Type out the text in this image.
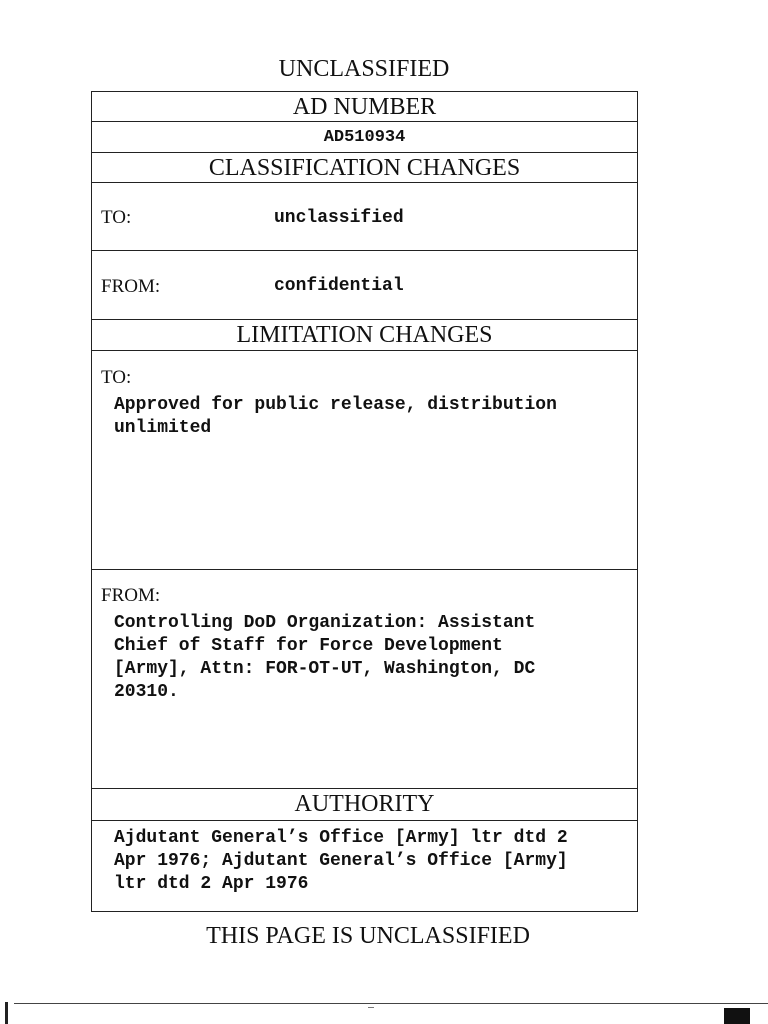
UNCLASSIFIED
AD NUMBER
AD510934
CLASSIFICATION CHANGES
TO:	unclassified
FROM:	confidential
LIMITATION CHANGES
TO:
Approved for public release, distribution
unlimited
FROM:
Controlling DoD Organization: Assistant
Chief of Staff for Force Development
[Army], Attn: FOR-OT-UT, Washington, DC
20310.
AUTHORITY
Ajdutant General’s Office [Army] ltr dtd 2
Apr 1976; Ajdutant General’s Office [Army]
ltr dtd 2 Apr 1976
THIS PAGE IS UNCLASSIFIED
